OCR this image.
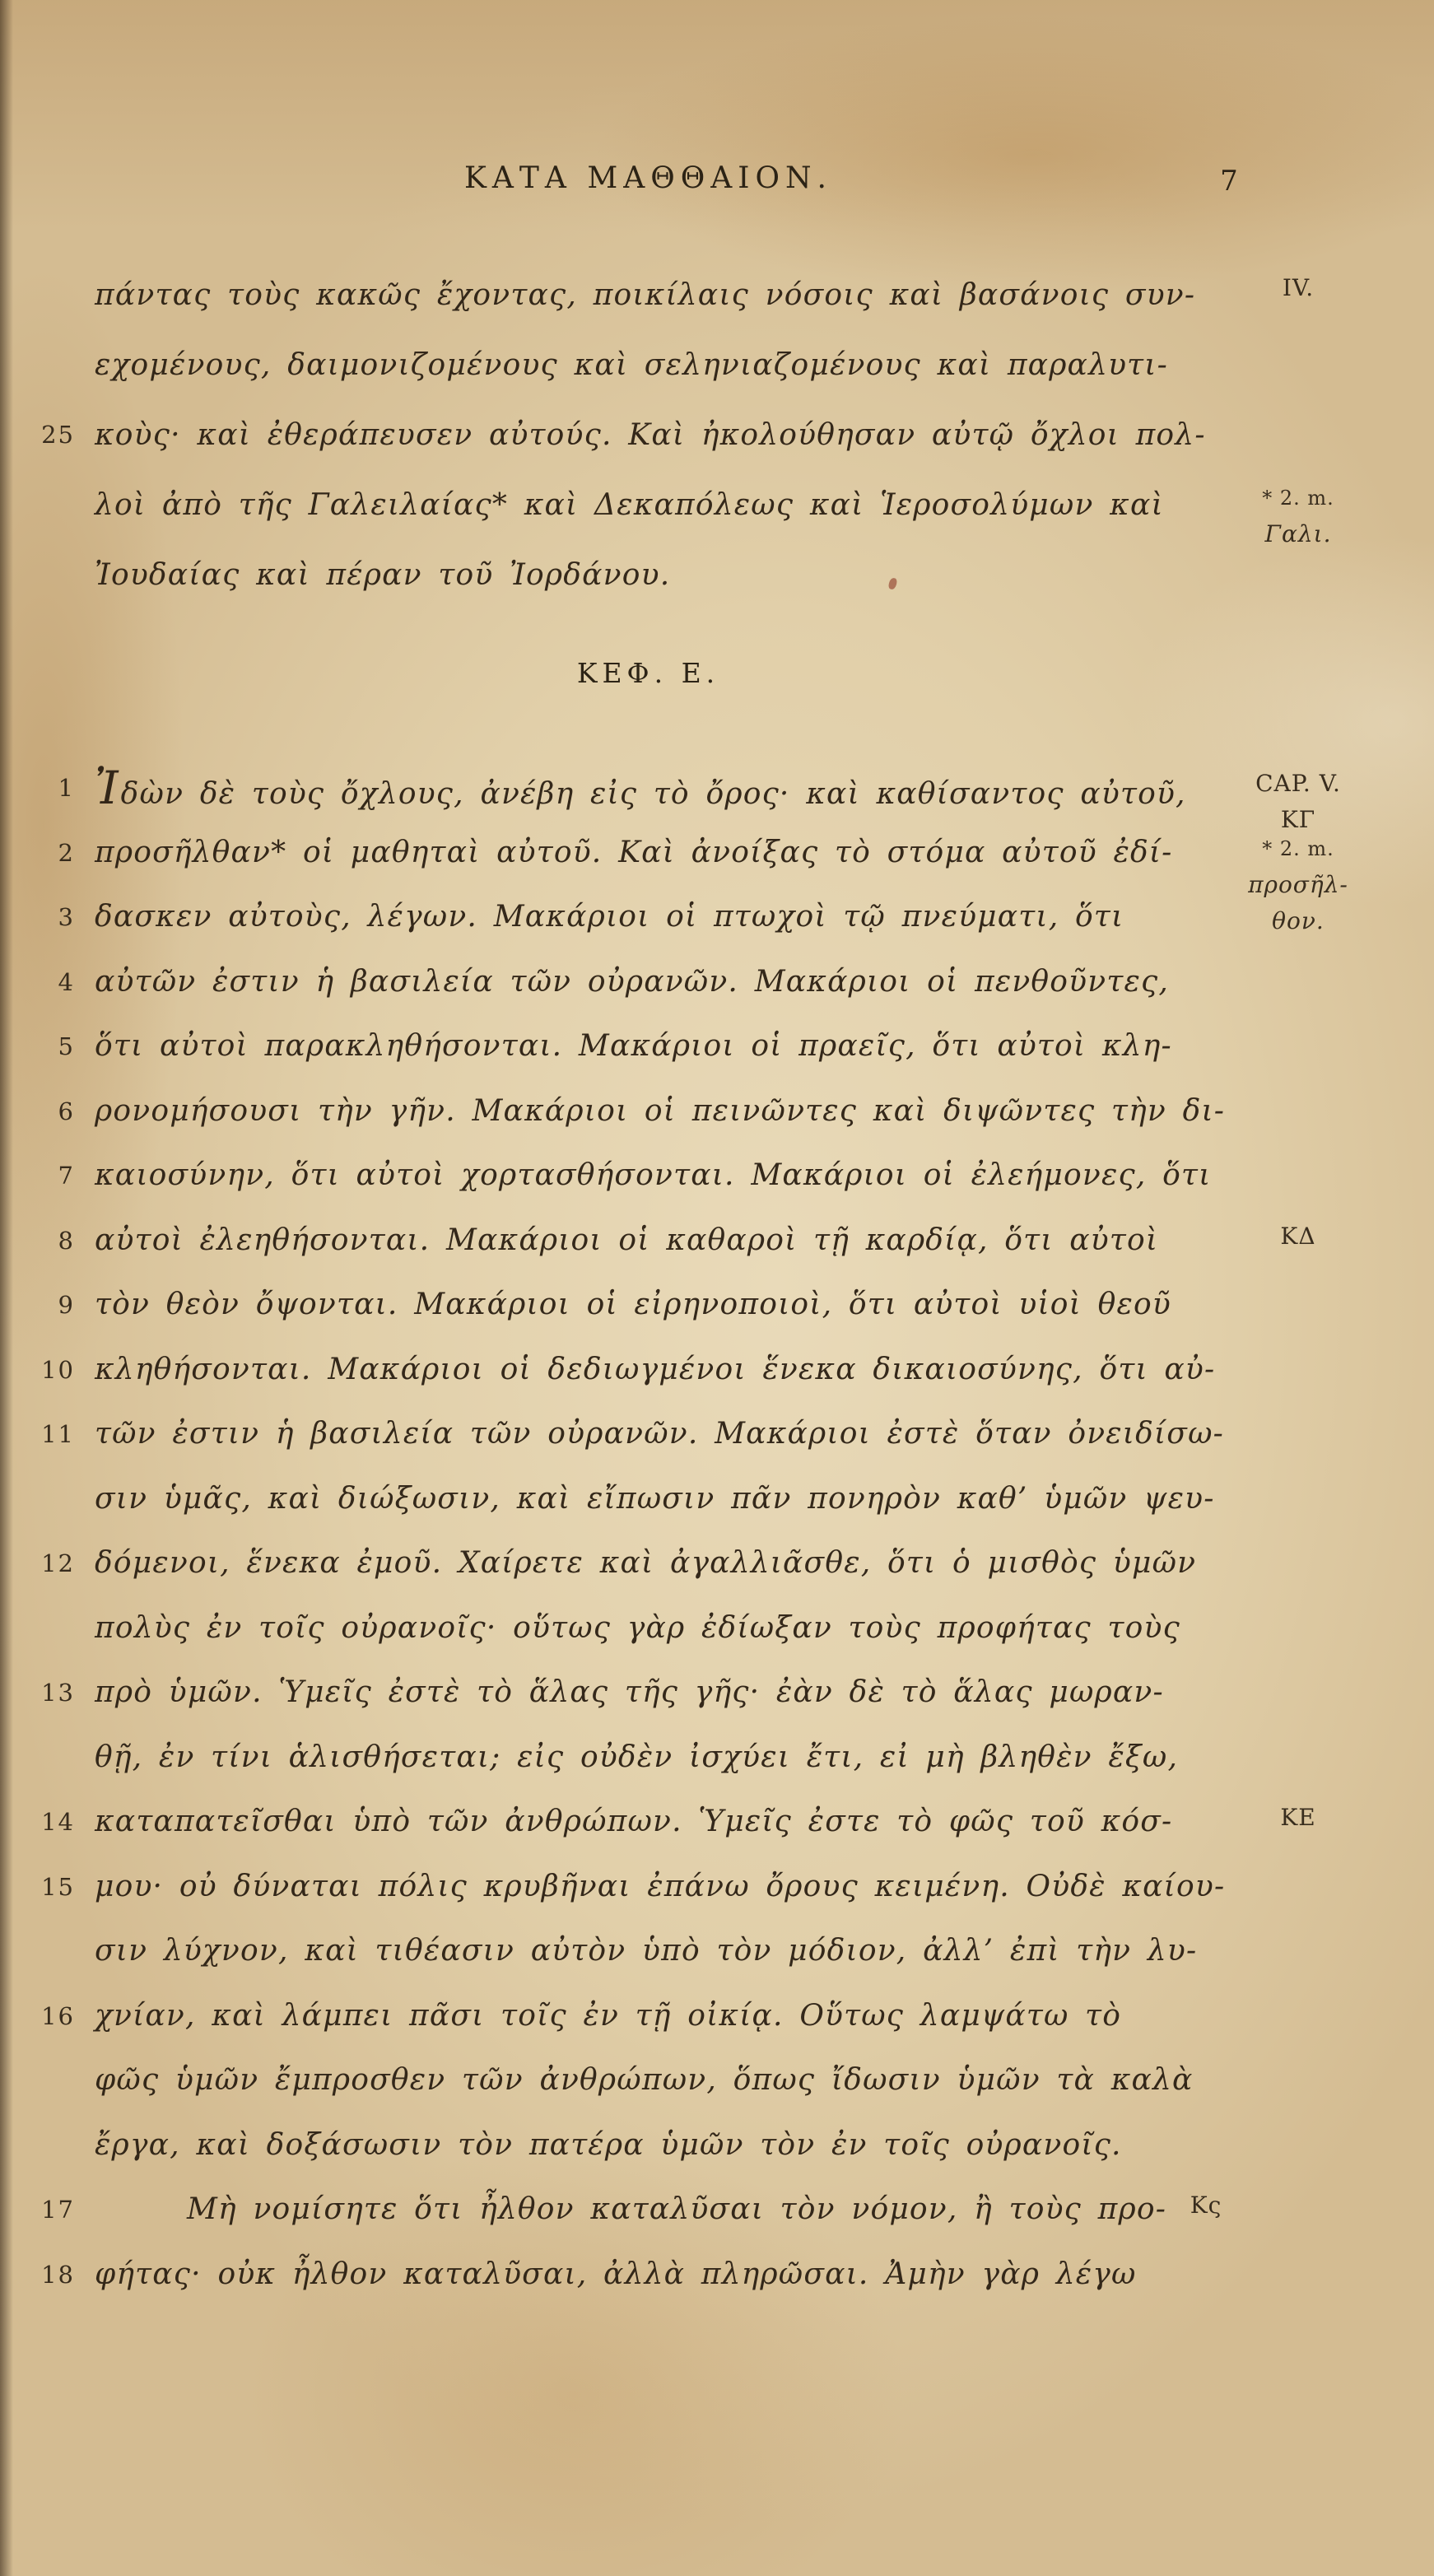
ΚΑΤΑ ΜΑΘΘΑΙΟΝ.	7
πάντας τοὺς κακῶς ἔχοντας, ποικίλαις νόσοις καὶ βασάνοις συν-	IV.
εχομένους, δαιμονιζομένους καὶ σεληνιαζομένους καὶ παραλυτι-
25 κοὺς· καὶ ἐθεράπευσεν αὐτούς. Καὶ ἠκολούθησαν αὐτῷ ὄχλοι πολ-
λοὶ ἀπὸ τῆς Γαλειλαίας* καὶ Δεκαπόλεως καὶ Ἱεροσολύμων καὶ	* 2. m.
Γαλι.
Ἰουδαίας καὶ πέραν τοῦ Ἰορδάνου.
ΚΕΦ. Ε.
1 Ἰδὼν δὲ τοὺς ὄχλους, ἀνέβη εἰς τὸ ὄρος· καὶ καθίσαντος αὐτοῦ,	CAP. V.
ΚΓ
2 προσῆλθαν* οἱ μαθηταὶ αὐτοῦ. Καὶ ἀνοίξας τὸ στόμα αὐτοῦ ἐδί-	* 2. m.
προσῆλ-
θον.
3 δασκεν αὐτοὺς, λέγων. Μακάριοι οἱ πτωχοὶ τῷ πνεύματι, ὅτι
4 αὐτῶν ἐστιν ἡ βασιλεία τῶν οὐρανῶν. Μακάριοι οἱ πενθοῦντες,
5 ὅτι αὐτοὶ παρακληθήσονται. Μακάριοι οἱ πραεῖς, ὅτι αὐτοὶ κλη-
6 ρονομήσουσι τὴν γῆν. Μακάριοι οἱ πεινῶντες καὶ διψῶντες τὴν δι-
7 καιοσύνην, ὅτι αὐτοὶ χορτασθήσονται. Μακάριοι οἱ ἐλεήμονες, ὅτι
8 αὐτοὶ ἐλεηθήσονται. Μακάριοι οἱ καθαροὶ τῇ καρδίᾳ, ὅτι αὐτοὶ	ΚΔ
9 τὸν θεὸν ὄψονται. Μακάριοι οἱ εἰρηνοποιοὶ, ὅτι αὐτοὶ υἱοὶ θεοῦ
10 κληθήσονται. Μακάριοι οἱ δεδιωγμένοι ἕνεκα δικαιοσύνης, ὅτι αὐ-
11 τῶν ἐστιν ἡ βασιλεία τῶν οὐρανῶν. Μακάριοι ἐστὲ ὅταν ὀνειδίσω-
σιν ὑμᾶς, καὶ διώξωσιν, καὶ εἴπωσιν πᾶν πονηρὸν καθ’ ὑμῶν ψευ-
12 δόμενοι, ἕνεκα ἐμοῦ. Χαίρετε καὶ ἀγαλλιᾶσθε, ὅτι ὁ μισθὸς ὑμῶν
πολὺς ἐν τοῖς οὐρανοῖς· οὕτως γὰρ ἐδίωξαν τοὺς προφήτας τοὺς
13 πρὸ ὑμῶν. Ὑμεῖς ἐστὲ τὸ ἅλας τῆς γῆς· ἐὰν δὲ τὸ ἅλας μωραν-
θῇ, ἐν τίνι ἁλισθήσεται; εἰς οὐδὲν ἰσχύει ἔτι, εἰ μὴ βληθὲν ἔξω,
14 καταπατεῖσθαι ὑπὸ τῶν ἀνθρώπων. Ὑμεῖς ἐστε τὸ φῶς τοῦ κόσ-	ΚΕ
15 μου· οὐ δύναται πόλις κρυβῆναι ἐπάνω ὄρους κειμένη. Οὐδὲ καίου-
σιν λύχνον, καὶ τιθέασιν αὐτὸν ὑπὸ τὸν μόδιον, ἀλλ’ ἐπὶ τὴν λυ-
16 χνίαν, καὶ λάμπει πᾶσι τοῖς ἐν τῇ οἰκίᾳ. Οὕτως λαμψάτω τὸ
φῶς ὑμῶν ἔμπροσθεν τῶν ἀνθρώπων, ὅπως ἴδωσιν ὑμῶν τὰ καλὰ
ἔργα, καὶ δοξάσωσιν τὸν πατέρα ὑμῶν τὸν ἐν τοῖς οὐρανοῖς.
17	Μὴ νομίσητε ὅτι ἦλθον καταλῦσαι τὸν νόμον, ἢ τοὺς προ-	Κς
18 φήτας· οὐκ ἦλθον καταλῦσαι, ἀλλὰ πληρῶσαι. Ἀμὴν γὰρ λέγω
